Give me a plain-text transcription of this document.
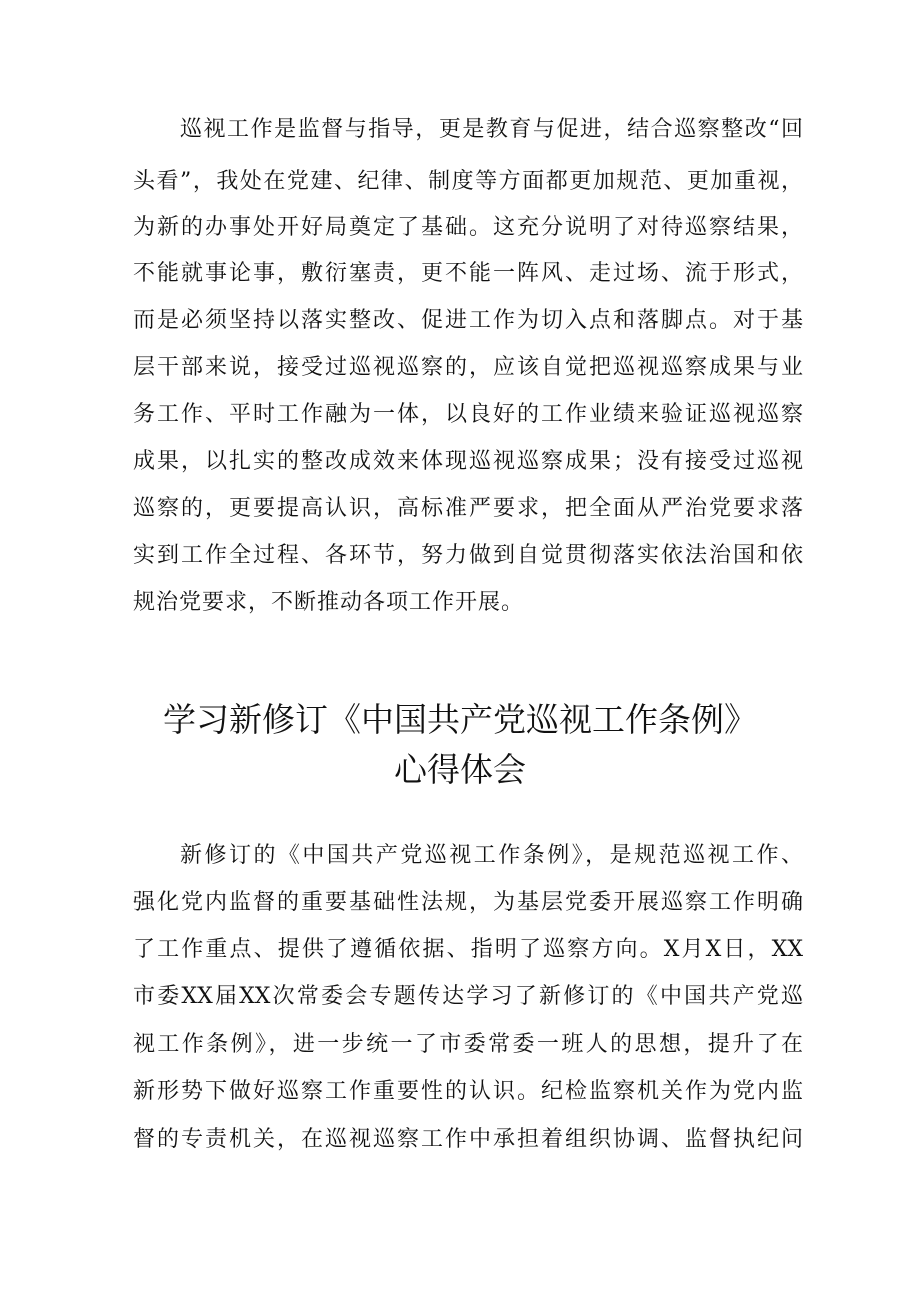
巡视工作是监督与指导，更是教育与促进，结合巡察整改“回
头看”，我处在党建、纪律、制度等方面都更加规范、更加重视，
为新的办事处开好局奠定了基础。这充分说明了对待巡察结果，
不能就事论事，敷衍塞责，更不能一阵风、走过场、流于形式，
而是必须坚持以落实整改、促进工作为切入点和落脚点。对于基
层干部来说，接受过巡视巡察的，应该自觉把巡视巡察成果与业
务工作、平时工作融为一体，以良好的工作业绩来验证巡视巡察
成果，以扎实的整改成效来体现巡视巡察成果；没有接受过巡视
巡察的，更要提高认识，高标准严要求，把全面从严治党要求落
实到工作全过程、各环节，努力做到自觉贯彻落实依法治国和依
规治党要求，不断推动各项工作开展。
学习新修订《中国共产党巡视工作条例》
心得体会
新修订的《中国共产党巡视工作条例》，是规范巡视工作、
强化党内监督的重要基础性法规，为基层党委开展巡察工作明确
了工作重点、提供了遵循依据、指明了巡察方向。X月X日，XX
市委XX届XX次常委会专题传达学习了新修订的《中国共产党巡
视工作条例》，进一步统一了市委常委一班人的思想，提升了在
新形势下做好巡察工作重要性的认识。纪检监察机关作为党内监
督的专责机关，在巡视巡察工作中承担着组织协调、监督执纪问
